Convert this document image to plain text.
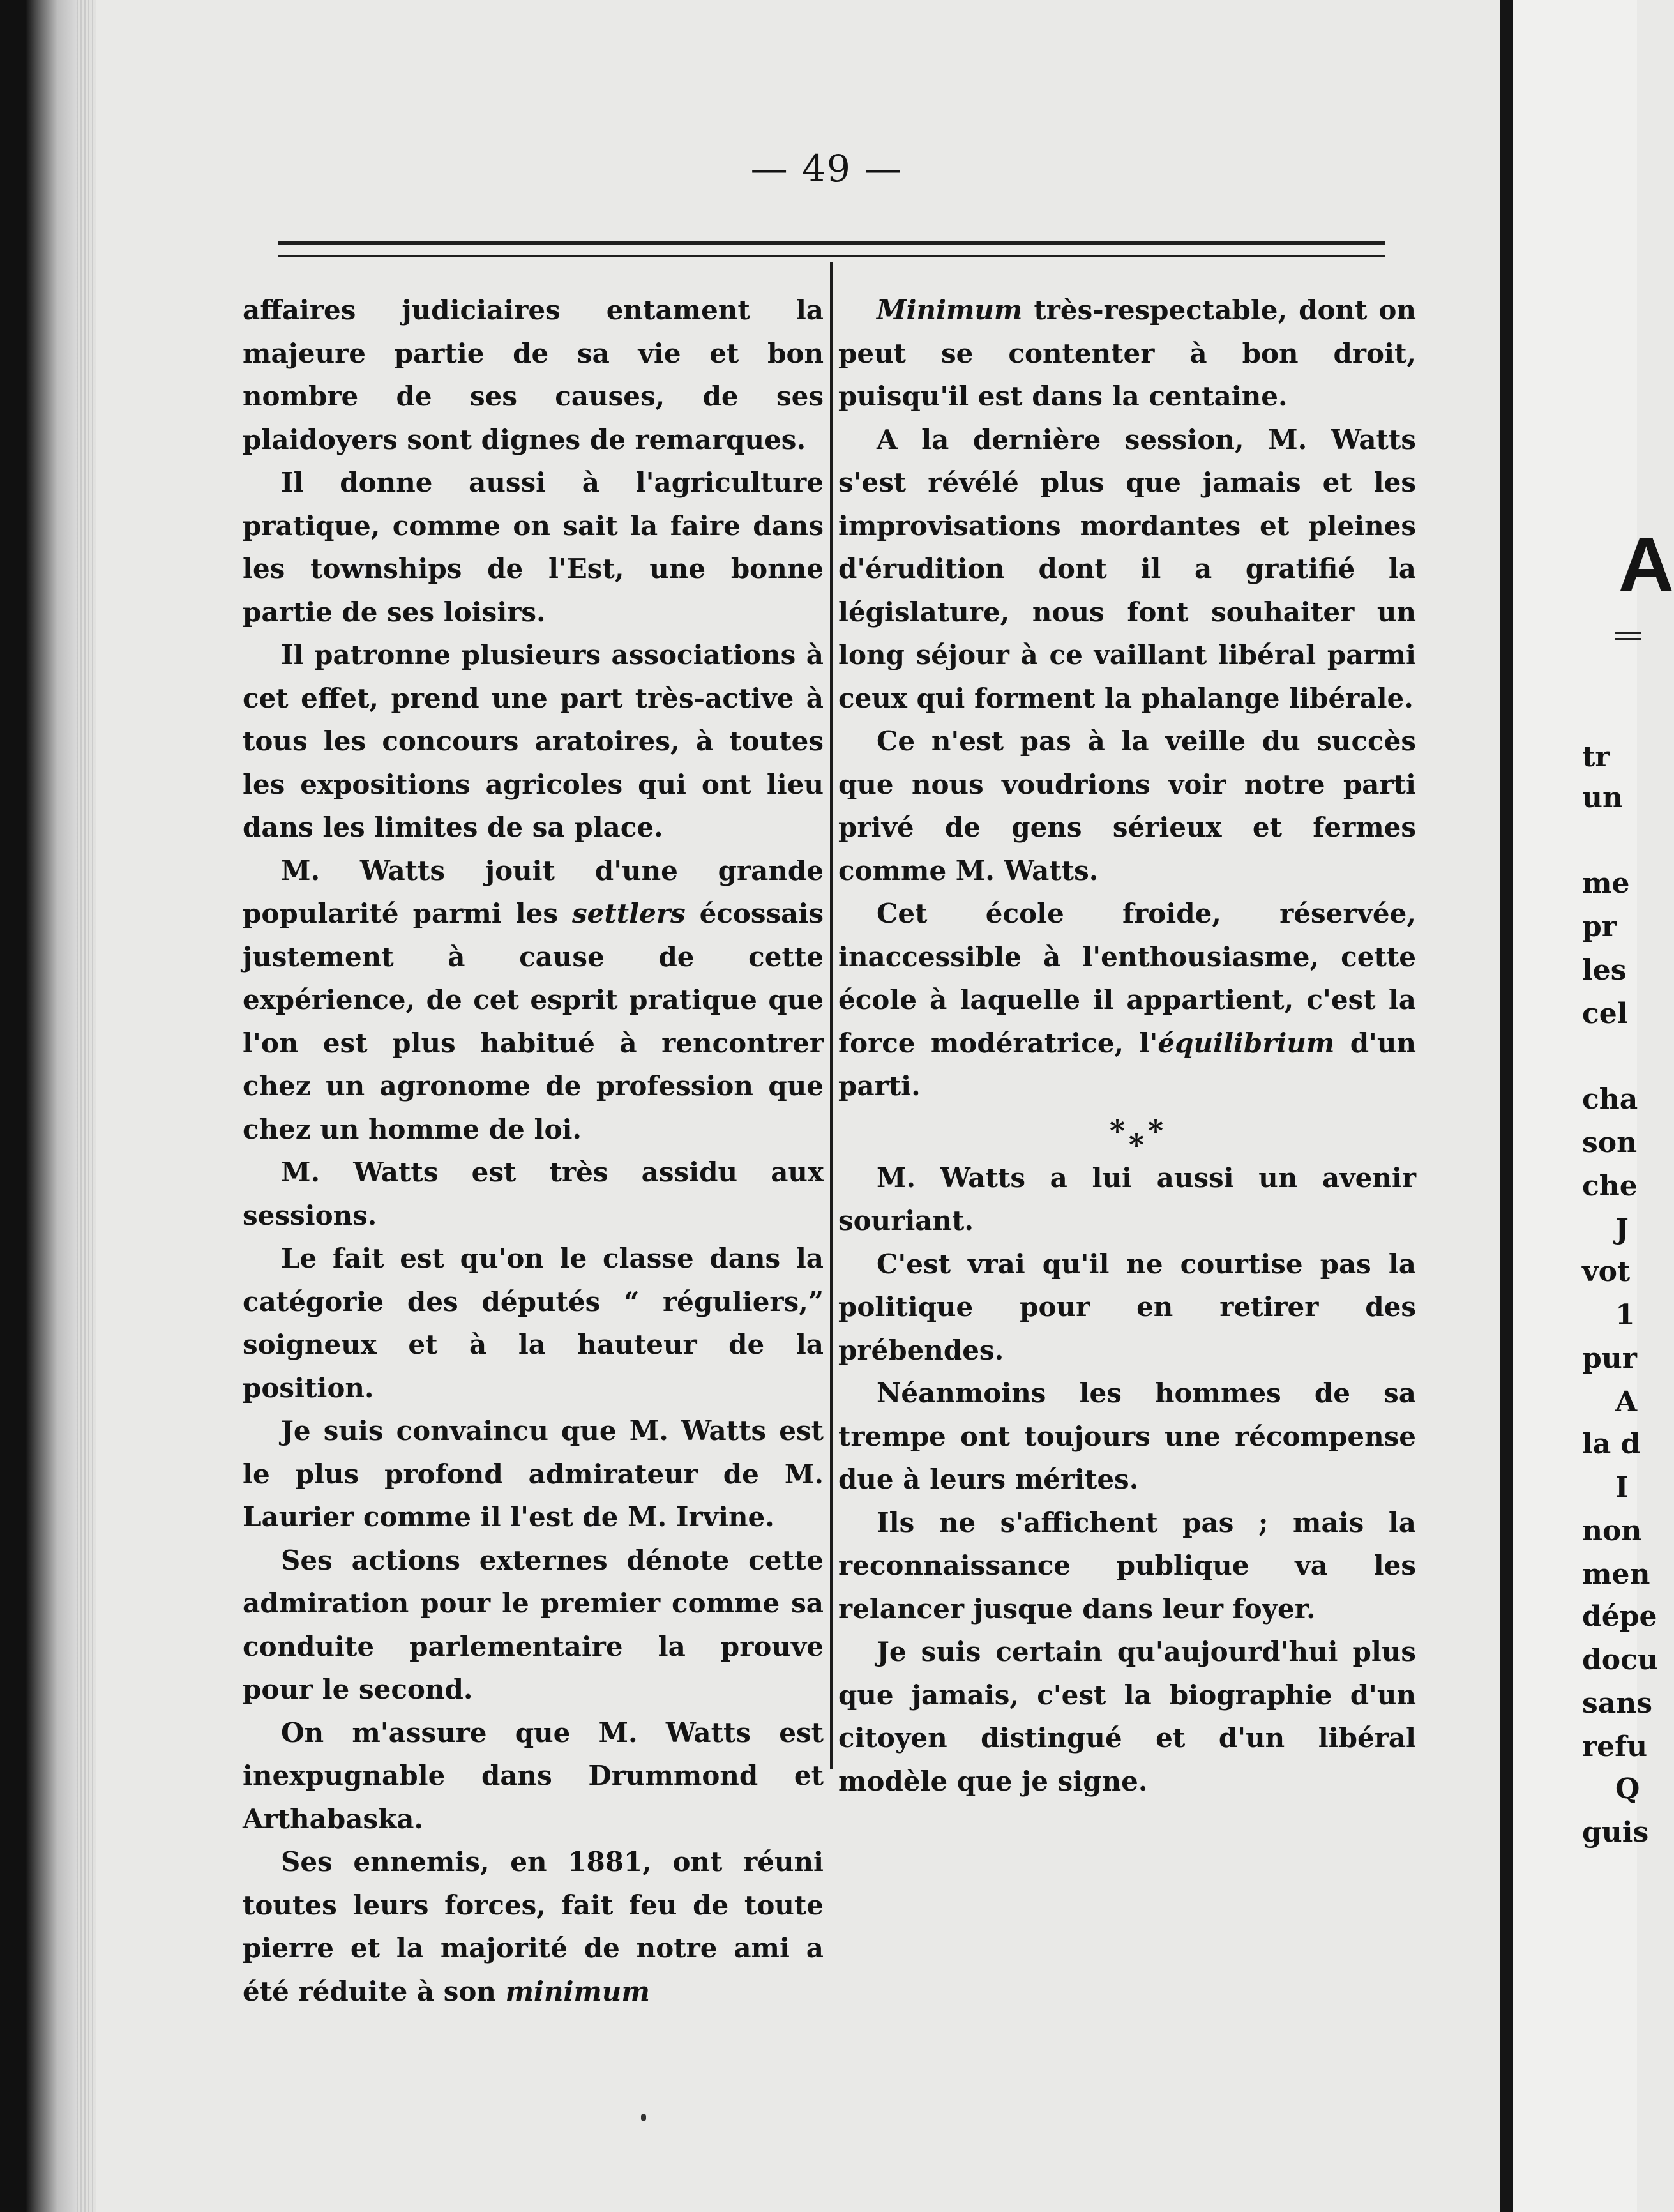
A
tr
un
me
pr
les
cel
cha
son
che
J
vot
1
pur
A
la d
I
non
men
dépe
docu
sans
refu
Q
guis
— 49 —

affaires judiciaires entament la majeure partie de sa vie et bon nombre de ses causes, de ses plaidoyers sont dignes de remarques.

Il donne aussi à l'agriculture pratique, comme on sait la faire dans les townships de l'Est, une bonne partie de ses loisirs.

Il patronne plusieurs associations à cet effet, prend une part très-active à tous les concours aratoires, à toutes les expositions agricoles qui ont lieu dans les limites de sa place.

M. Watts jouit d'une grande popularité parmi les settlers écossais justement à cause de cette expérience, de cet esprit pratique que l'on est plus habitué à rencontrer chez un agronome de profession que chez un homme de loi.

M. Watts est très assidu aux sessions.

Le fait est qu'on le classe dans la catégorie des députés “ réguliers,” soigneux et à la hauteur de la position.

Je suis convaincu que M. Watts est le plus profond admirateur de M. Laurier comme il l'est de M. Irvine.

Ses actions externes dénote cette admiration pour le premier comme sa conduite parlementaire la prouve pour le second.

On m'assure que M. Watts est inexpugnable dans Drummond et Arthabaska.

Ses ennemis, en 1881, ont réuni toutes leurs forces, fait feu de toute pierre et la majorité de notre ami a été réduite à son minimum

Minimum très-respectable, dont on peut se contenter à bon droit, puisqu'il est dans la centaine.

A la dernière session, M. Watts s'est révélé plus que jamais et les improvisations mordantes et pleines d'érudition dont il a gratifié la législature, nous font souhaiter un long séjour à ce vaillant libéral parmi ceux qui forment la phalange libérale.

Ce n'est pas à la veille du succès que nous voudrions voir notre parti privé de gens sérieux et fermes comme M. Watts.

Cet école froide, réservée, inaccessible à l'enthousiasme, cette école à laquelle il appartient, c'est la force modératrice, l'équilibrium d'un parti.

* * *

M. Watts a lui aussi un avenir souriant.

C'est vrai qu'il ne courtise pas la politique pour en retirer des prébendes.

Néanmoins les hommes de sa trempe ont toujours une récompense due à leurs mérites.

Ils ne s'affichent pas ; mais la reconnaissance publique va les relancer jusque dans leur foyer.

Je suis certain qu'aujourd'hui plus que jamais, c'est la biographie d'un citoyen distingué et d'un libéral modèle que je signe.
